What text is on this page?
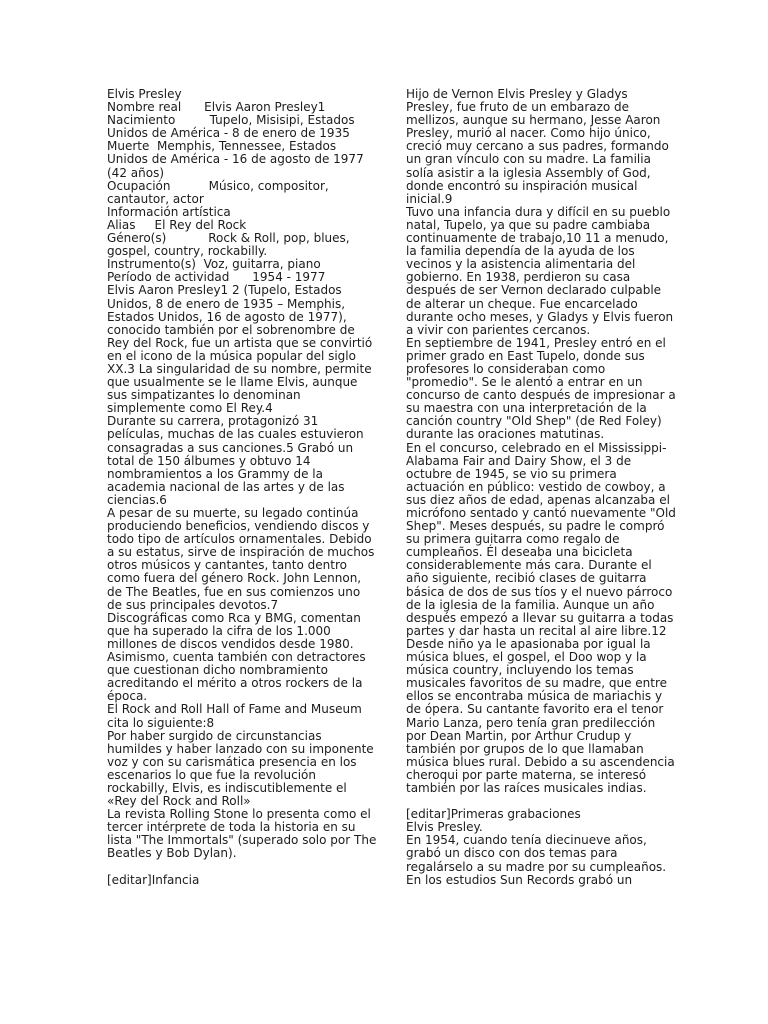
Elvis Presley
Nombre real      Elvis Aaron Presley1
Nacimiento         Tupelo, Misisipi, Estados
Unidos de América - 8 de enero de 1935
Muerte  Memphis, Tennessee, Estados
Unidos de América - 16 de agosto de 1977
(42 años)
Ocupación          Músico, compositor,
cantautor, actor
Información artística
Alias     El Rey del Rock
Género(s)           Rock & Roll, pop, blues,
gospel, country, rockabilly.
Instrumento(s)  Voz, guitarra, piano
Período de actividad      1954 - 1977
Elvis Aaron Presley1 2 (Tupelo, Estados
Unidos, 8 de enero de 1935 – Memphis,
Estados Unidos, 16 de agosto de 1977),
conocido también por el sobrenombre de
Rey del Rock, fue un artista que se convirtió
en el icono de la música popular del siglo
XX.3 La singularidad de su nombre, permite
que usualmente se le llame Elvis, aunque
sus simpatizantes lo denominan
simplemente como El Rey.4
Durante su carrera, protagonizó 31
películas, muchas de las cuales estuvieron
consagradas a sus canciones.5 Grabó un
total de 150 álbumes y obtuvo 14
nombramientos a los Grammy de la
academia nacional de las artes y de las
ciencias.6
A pesar de su muerte, su legado continúa
produciendo beneficios, vendiendo discos y
todo tipo de artículos ornamentales. Debido
a su estatus, sirve de inspiración de muchos
otros músicos y cantantes, tanto dentro
como fuera del género Rock. John Lennon,
de The Beatles, fue en sus comienzos uno
de sus principales devotos.7
Discográficas como Rca y BMG, comentan
que ha superado la cifra de los 1.000
millones de discos vendidos desde 1980.
Asimismo, cuenta también con detractores
que cuestionan dicho nombramiento
acreditando el mérito a otros rockers de la
época.
El Rock and Roll Hall of Fame and Museum
cita lo siguiente:8
Por haber surgido de circunstancias
humildes y haber lanzado con su imponente
voz y con su carismática presencia en los
escenarios lo que fue la revolución
rockabilly, Elvis, es indiscutiblemente el
«Rey del Rock and Roll»
La revista Rolling Stone lo presenta como el
tercer intérprete de toda la historia en su
lista "The Immortals" (superado solo por The
Beatles y Bob Dylan).
[editar]Infancia
Hijo de Vernon Elvis Presley y Gladys
Presley, fue fruto de un embarazo de
mellizos, aunque su hermano, Jesse Aaron
Presley, murió al nacer. Como hijo único,
creció muy cercano a sus padres, formando
un gran vínculo con su madre. La familia
solía asistir a la iglesia Assembly of God,
donde encontró su inspiración musical
inicial.9
Tuvo una infancia dura y difícil en su pueblo
natal, Tupelo, ya que su padre cambiaba
continuamente de trabajo,10 11 a menudo,
la familia dependía de la ayuda de los
vecinos y la asistencia alimentaria del
gobierno. En 1938, perdieron su casa
después de ser Vernon declarado culpable
de alterar un cheque. Fue encarcelado
durante ocho meses, y Gladys y Elvis fueron
a vivir con parientes cercanos.
En septiembre de 1941, Presley entró en el
primer grado en East Tupelo, donde sus
profesores lo consideraban como
"promedio". Se le alentó a entrar en un
concurso de canto después de impresionar a
su maestra con una interpretación de la
canción country "Old Shep" (de Red Foley)
durante las oraciones matutinas.
En el concurso, celebrado en el Mississippi-
Alabama Fair and Dairy Show, el 3 de
octubre de 1945, se vio su primera
actuación en público: vestido de cowboy, a
sus diez años de edad, apenas alcanzaba el
micrófono sentado y cantó nuevamente "Old
Shep". Meses después, su padre le compró
su primera guitarra como regalo de
cumpleaños. Él deseaba una bicicleta
considerablemente más cara. Durante el
año siguiente, recibió clases de guitarra
básica de dos de sus tíos y el nuevo párroco
de la iglesia de la familia. Aunque un año
después empezó a llevar su guitarra a todas
partes y dar hasta un recital al aire libre.12
Desde niño ya le apasionaba por igual la
música blues, el gospel, el Doo wop y la
música country, incluyendo los temas
musicales favoritos de su madre, que entre
ellos se encontraba música de mariachis y
de ópera. Su cantante favorito era el tenor
Mario Lanza, pero tenía gran predilección
por Dean Martin, por Arthur Crudup y
también por grupos de lo que llamaban
música blues rural. Debido a su ascendencia
cheroqui por parte materna, se interesó
también por las raíces musicales indias.
[editar]Primeras grabaciones
Elvis Presley.
En 1954, cuando tenía diecinueve años,
grabó un disco con dos temas para
regalárselo a su madre por su cumpleaños.
En los estudios Sun Records grabó un
